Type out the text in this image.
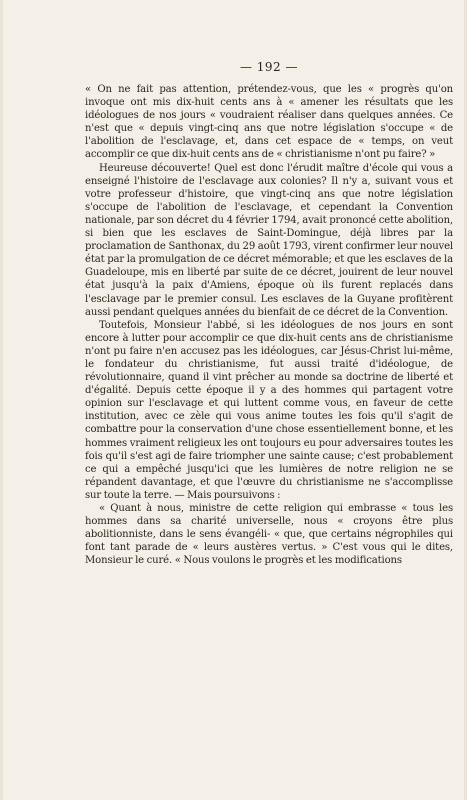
— 192 —

« On ne fait pas attention, prétendez-vous, que les « progrès qu'on invoque ont mis dix-huit cents ans à « amener les résultats que les idéologues de nos jours « voudraient réaliser dans quelques années. Ce n'est que « depuis vingt-cinq ans que notre législation s'occupe « de l'abolition de l'esclavage, et, dans cet espace de « temps, on veut accomplir ce que dix-huit cents ans de « christianisme n'ont pu faire? »

Heureuse découverte! Quel est donc l'érudit maître d'école qui vous a enseigné l'histoire de l'esclavage aux colonies? Il n'y a, suivant vous et votre professeur d'histoire, que vingt-cinq ans que notre législation s'occupe de l'abolition de l'esclavage, et cependant la Convention nationale, par son décret du 4 février 1794, avait prononcé cette abolition, si bien que les esclaves de Saint-Domingue, déjà libres par la proclamation de Santhonax, du 29 août 1793, virent confirmer leur nouvel état par la promulgation de ce décret mémorable; et que les esclaves de la Guadeloupe, mis en liberté par suite de ce décret, jouirent de leur nouvel état jusqu'à la paix d'Amiens, époque où ils furent replacés dans l'esclavage par le premier consul. Les esclaves de la Guyane profitèrent aussi pendant quelques années du bienfait de ce décret de la Convention.

Toutefois, Monsieur l'abbé, si les idéologues de nos jours en sont encore à lutter pour accomplir ce que dix-huit cents ans de christianisme n'ont pu faire n'en accusez pas les idéologues, car Jésus-Christ lui-même, le fondateur du christianisme, fut aussi traité d'idéologue, de révolutionnaire, quand il vint prêcher au monde sa doctrine de liberté et d'égalité. Depuis cette époque il y a des hommes qui partagent votre opinion sur l'esclavage et qui luttent comme vous, en faveur de cette institution, avec ce zèle qui vous anime toutes les fois qu'il s'agit de combattre pour la conservation d'une chose essentiellement bonne, et les hommes vraiment religieux les ont toujours eu pour adversaires toutes les fois qu'il s'est agi de faire triompher une sainte cause; c'est probablement ce qui a empêché jusqu'ici que les lumières de notre religion ne se répandent davantage, et que l'œuvre du christianisme ne s'accomplisse sur toute la terre. — Mais poursuivons :

« Quant à nous, ministre de cette religion qui embrasse « tous les hommes dans sa charité universelle, nous « croyons être plus abolitionniste, dans le sens évangéli- « que, que certains négrophiles qui font tant parade de « leurs austères vertus. » C'est vous qui le dites, Monsieur le curé. « Nous voulons le progrès et les modifications
